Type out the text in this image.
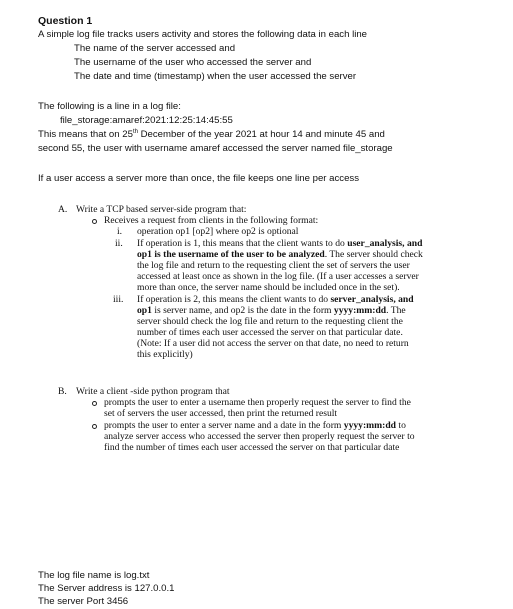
Question 1
A simple log file tracks users activity and stores the following data in each line
The name of the server accessed and
The username of the user who accessed the server and
The date and time (timestamp) when the user accessed the server
The following is a line in a log file:
file_storage:amaref:2021:12:25:14:45:55
This means that on 25th December of the year 2021 at hour 14 and minute 45 and
second 55, the user with username amaref accessed the server named file_storage
If a user access a server more than once, the file keeps one line per access
A. Write a TCP based server-side program that:
Receives a request from clients in the following format:
i. operation op1 [op2] where op2 is optional
ii. If operation is 1, this means that the client wants to do user_analysis, and
op1 is the username of the user to be analyzed. The server should check
the log file and return to the requesting client the set of servers the user
accessed at least once as shown in the log file. (If a user accesses a server
more than once, the server name should be included once in the set).
iii. If operation is 2, this means the client wants to do server_analysis, and
op1 is server name, and op2 is the date in the form yyyy:mm:dd. The
server should check the log file and return to the requesting client the
number of times each user accessed the server on that particular date.
(Note: If a user did not access the server on that date, no need to return
this explicitly)
B. Write a client -side python program that
prompts the user to enter a username then properly request the server to find the
set of servers the user accessed, then print the returned result
prompts the user to enter a server name and a date in the form yyyy:mm:dd to
analyze server access who accessed the server then properly request the server to
find the number of times each user accessed the server on that particular date
The log file name is log.txt
The Server address is 127.0.0.1
The server Port 3456
